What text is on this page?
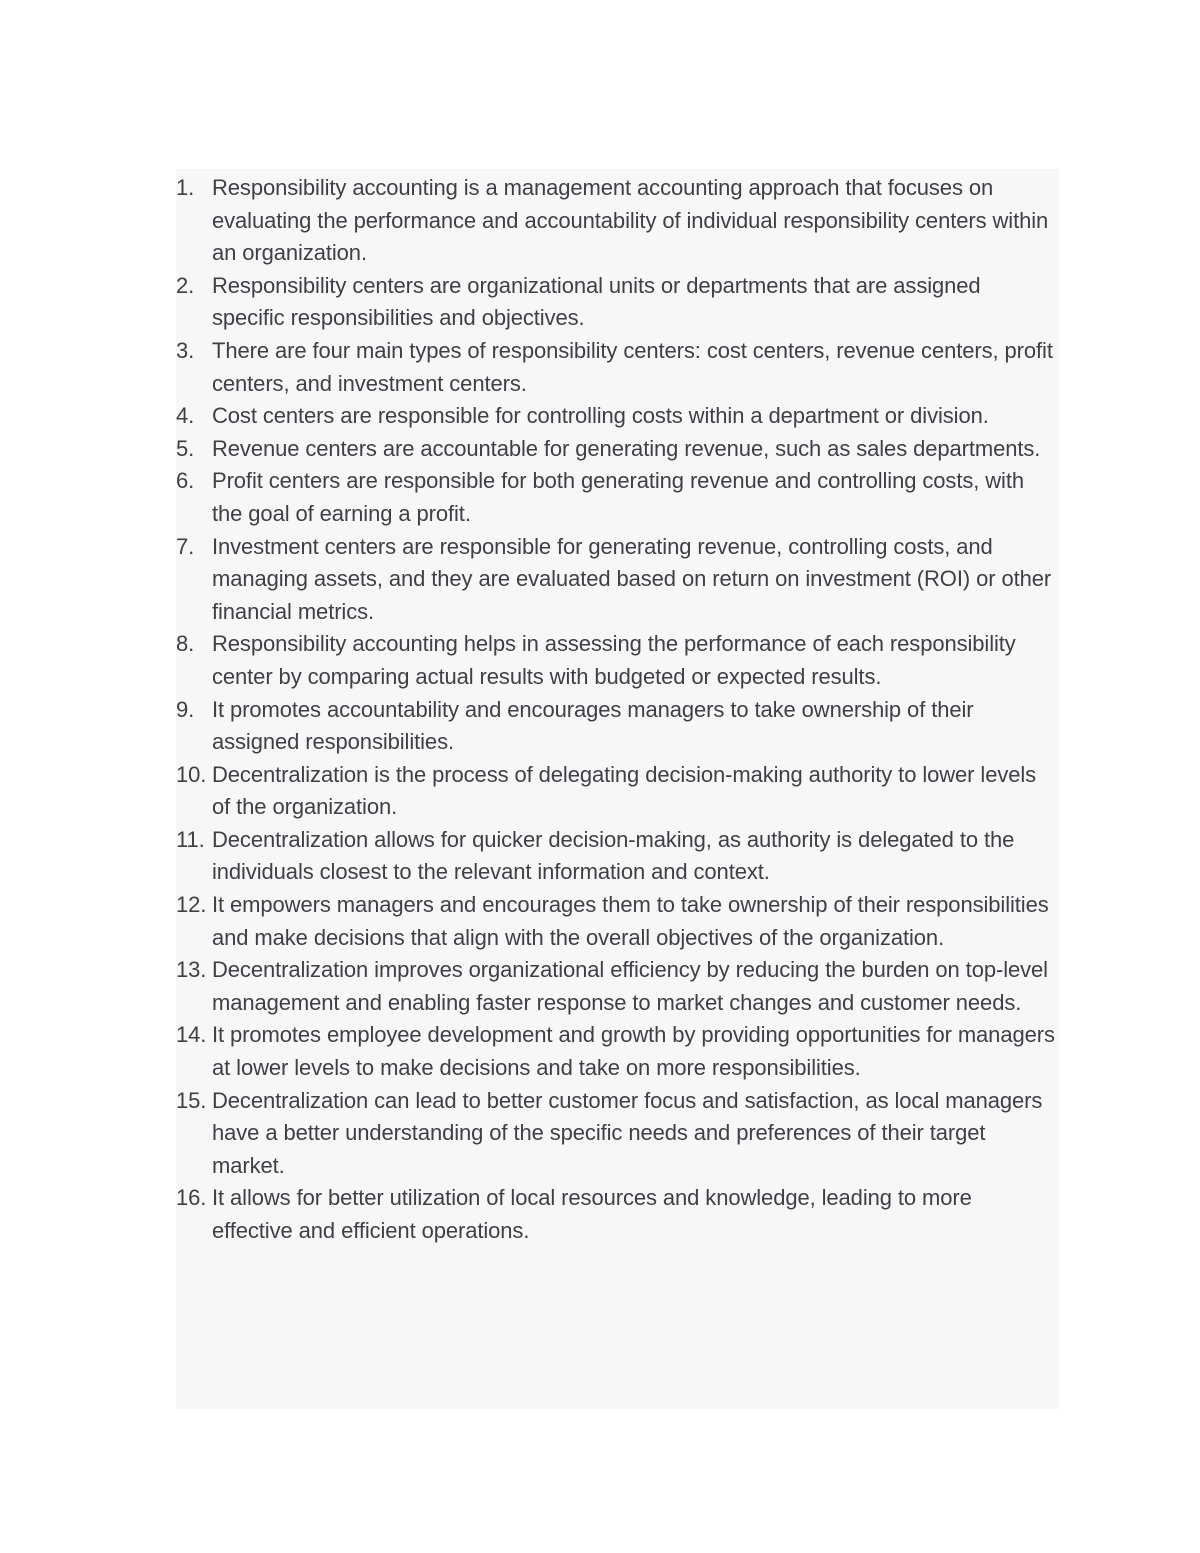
1. Responsibility accounting is a management accounting approach that focuses on evaluating the performance and accountability of individual responsibility centers within an organization.
2. Responsibility centers are organizational units or departments that are assigned specific responsibilities and objectives.
3. There are four main types of responsibility centers: cost centers, revenue centers, profit centers, and investment centers.
4. Cost centers are responsible for controlling costs within a department or division.
5. Revenue centers are accountable for generating revenue, such as sales departments.
6. Profit centers are responsible for both generating revenue and controlling costs, with the goal of earning a profit.
7. Investment centers are responsible for generating revenue, controlling costs, and managing assets, and they are evaluated based on return on investment (ROI) or other financial metrics.
8. Responsibility accounting helps in assessing the performance of each responsibility center by comparing actual results with budgeted or expected results.
9. It promotes accountability and encourages managers to take ownership of their assigned responsibilities.
10. Decentralization is the process of delegating decision-making authority to lower levels of the organization.
11. Decentralization allows for quicker decision-making, as authority is delegated to the individuals closest to the relevant information and context.
12. It empowers managers and encourages them to take ownership of their responsibilities and make decisions that align with the overall objectives of the organization.
13. Decentralization improves organizational efficiency by reducing the burden on top-level management and enabling faster response to market changes and customer needs.
14. It promotes employee development and growth by providing opportunities for managers at lower levels to make decisions and take on more responsibilities.
15. Decentralization can lead to better customer focus and satisfaction, as local managers have a better understanding of the specific needs and preferences of their target market.
16. It allows for better utilization of local resources and knowledge, leading to more effective and efficient operations.
